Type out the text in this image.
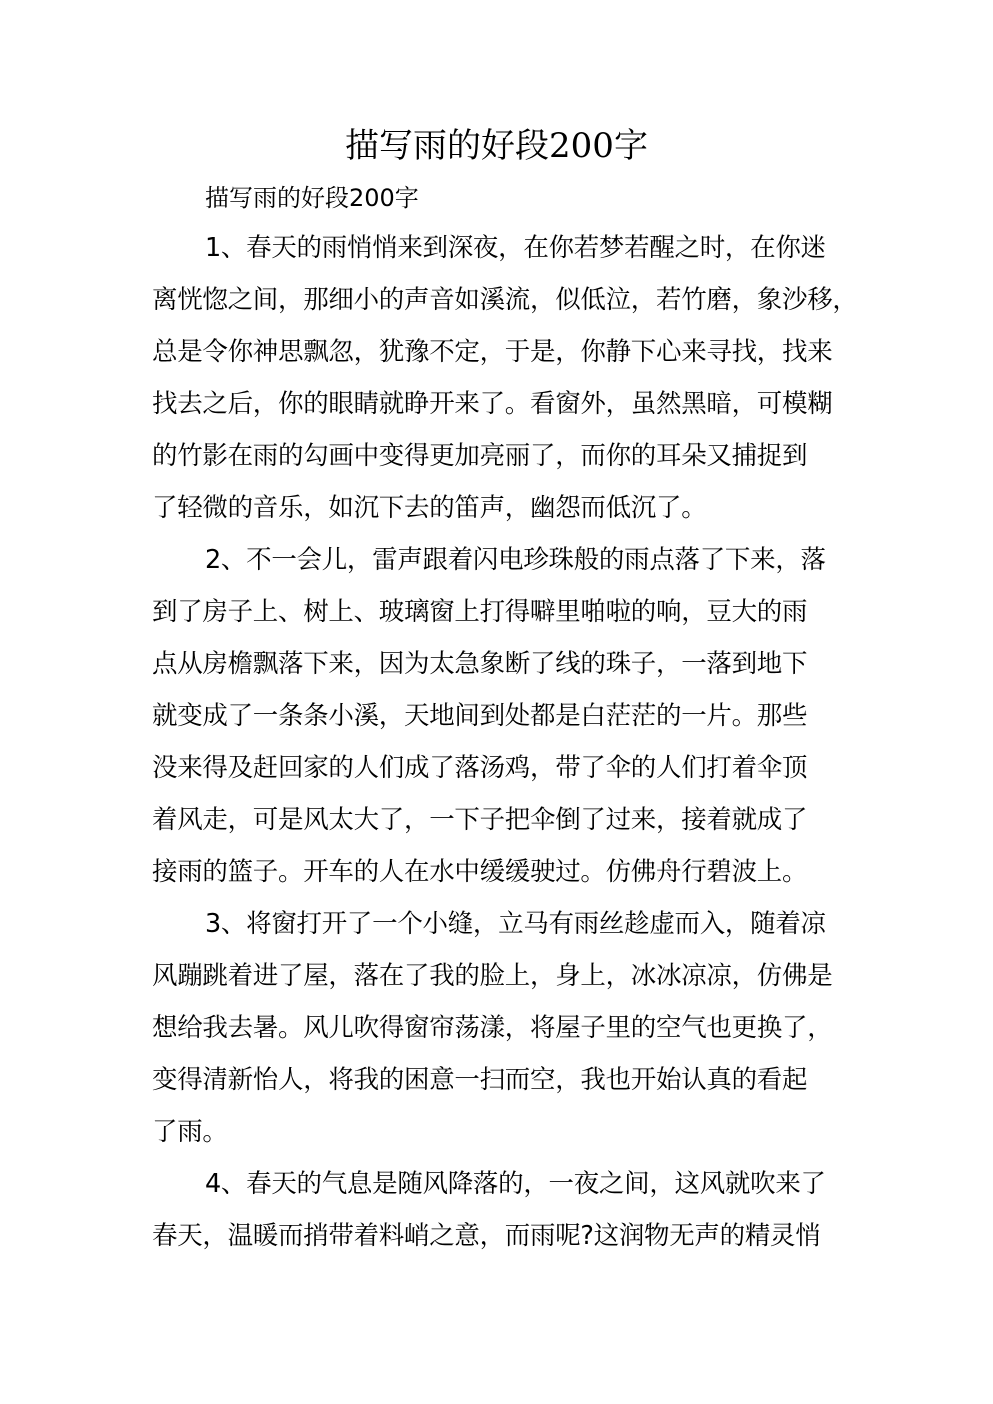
描写雨的好段200字
描写雨的好段200字
1、春天的雨悄悄来到深夜，在你若梦若醒之时，在你迷
离恍惚之间，那细小的声音如溪流，似低泣，若竹磨，象沙移，
总是令你神思飘忽，犹豫不定，于是，你静下心来寻找，找来
找去之后，你的眼睛就睁开来了。看窗外，虽然黑暗，可模糊
的竹影在雨的勾画中变得更加亮丽了，而你的耳朵又捕捉到
了轻微的音乐，如沉下去的笛声，幽怨而低沉了。
2、不一会儿，雷声跟着闪电珍珠般的雨点落了下来，落
到了房子上、树上、玻璃窗上打得噼里啪啦的响，豆大的雨
点从房檐飘落下来，因为太急象断了线的珠子，一落到地下
就变成了一条条小溪，天地间到处都是白茫茫的一片。那些
没来得及赶回家的人们成了落汤鸡，带了伞的人们打着伞顶
着风走，可是风太大了，一下子把伞倒了过来，接着就成了
接雨的篮子。开车的人在水中缓缓驶过。仿佛舟行碧波上。
3、将窗打开了一个小缝，立马有雨丝趁虚而入，随着凉
风蹦跳着进了屋，落在了我的脸上，身上，冰冰凉凉，仿佛是
想给我去暑。风儿吹得窗帘荡漾，将屋子里的空气也更换了，
变得清新怡人，将我的困意一扫而空，我也开始认真的看起
了雨。
4、春天的气息是随风降落的，一夜之间，这风就吹来了
春天，温暖而捎带着料峭之意，而雨呢?这润物无声的精灵悄
